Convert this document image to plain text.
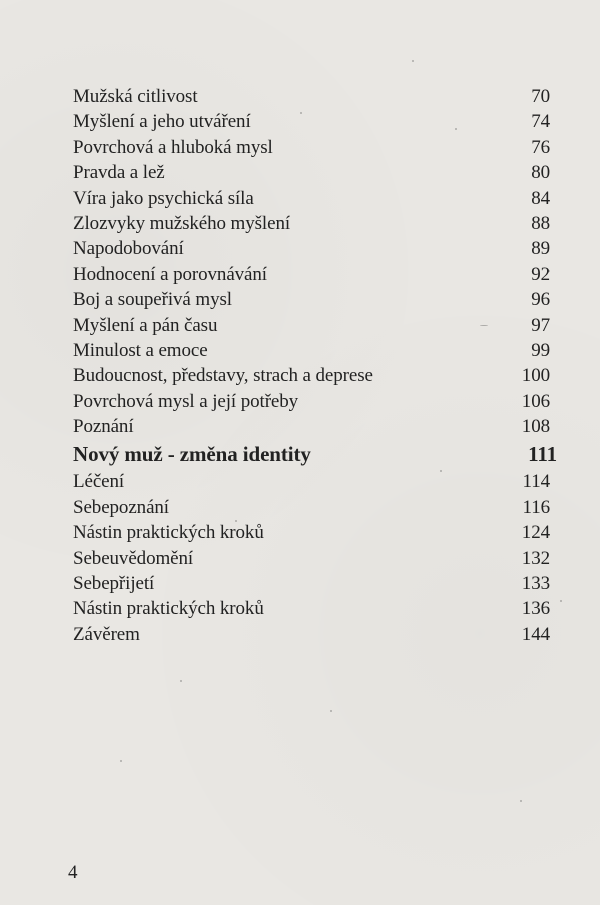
Mužská citlivost	70
Myšlení a jeho utváření	74
Povrchová a hluboká mysl	76
Pravda a lež	80
Víra jako psychická síla	84
Zlozvyky mužského myšlení	88
Napodobování	89
Hodnocení a porovnávání	92
Boj a soupeřivá mysl	96
Myšlení a pán času	97
Minulost a emoce	99
Budoucnost, představy, strach a deprese	100
Povrchová mysl a její potřeby	106
Poznání	108
Nový muž - změna identity	111
Léčení	114
Sebepoznání	116
Nástin praktických kroků	124
Sebeuvědomění	132
Sebepřijetí	133
Nástin praktických kroků	136
Závěrem	144
4
